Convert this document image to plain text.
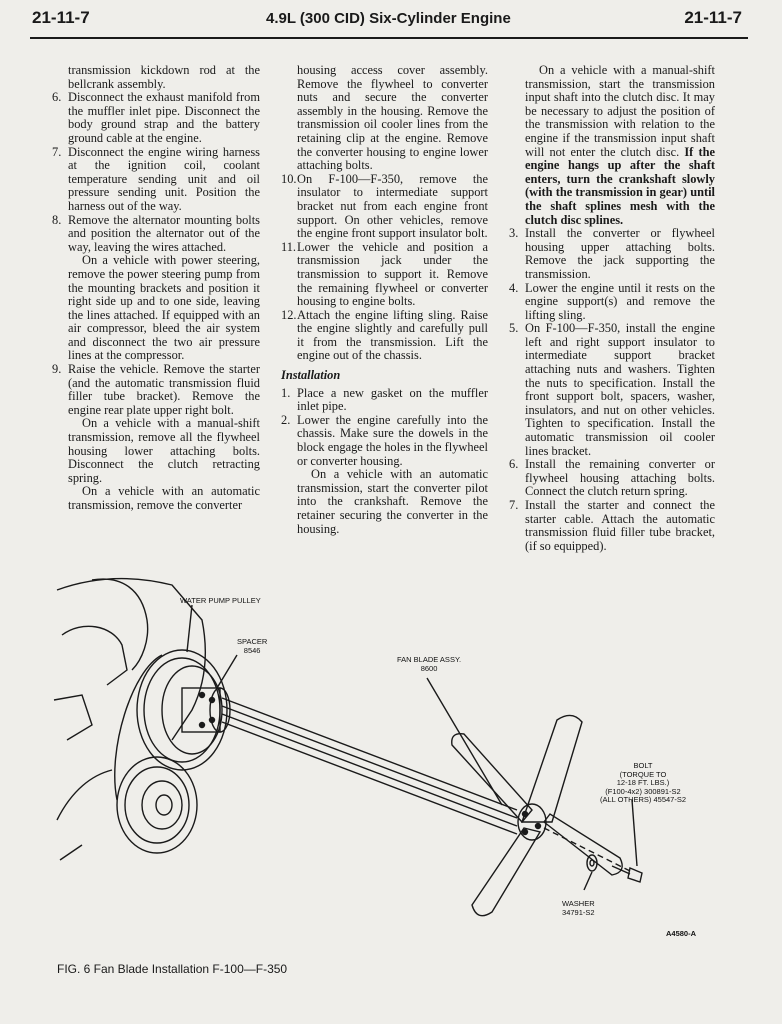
21-11-7	4.9L (300 CID) Six-Cylinder Engine	21-11-7

transmission kickdown rod at the bellcrank assembly.

6. Disconnect the exhaust manifold from the muffler inlet pipe. Disconnect the body ground strap and the battery ground cable at the engine.

7. Disconnect the engine wiring harness at the ignition coil, coolant temperature sending unit and oil pressure sending unit. Position the harness out of the way.

8. Remove the alternator mounting bolts and position the alternator out of the way, leaving the wires attached.

On a vehicle with power steering, remove the power steering pump from the mounting brackets and position it right side up and to one side, leaving the lines attached. If equipped with an air compressor, bleed the air system and disconnect the two air pressure lines at the compressor.

9. Raise the vehicle. Remove the starter (and the automatic transmission fluid filler tube bracket). Remove the engine rear plate upper right bolt.

On a vehicle with a manual-shift transmission, remove all the flywheel housing lower attaching bolts. Disconnect the clutch retracting spring.

On a vehicle with an automatic transmission, remove the converter

housing access cover assembly. Remove the flywheel to converter nuts and secure the converter assembly in the housing. Remove the transmission oil cooler lines from the retaining clip at the engine. Remove the converter housing to engine lower attaching bolts.

10. On F-100—F-350, remove the insulator to intermediate support bracket nut from each engine front support. On other vehicles, remove the engine front support insulator bolt.

11. Lower the vehicle and position a transmission jack under the transmission to support it. Remove the remaining flywheel or converter housing to engine bolts.

12. Attach the engine lifting sling. Raise the engine slightly and carefully pull it from the transmission. Lift the engine out of the chassis.

Installation

1. Place a new gasket on the muffler inlet pipe.

2. Lower the engine carefully into the chassis. Make sure the dowels in the block engage the holes in the flywheel or converter housing.

On a vehicle with an automatic transmission, start the converter pilot into the crankshaft. Remove the retainer securing the converter in the housing.

On a vehicle with a manual-shift transmission, start the transmission input shaft into the clutch disc. It may be necessary to adjust the position of the transmission with relation to the engine if the transmission input shaft will not enter the clutch disc. If the engine hangs up after the shaft enters, turn the crankshaft slowly (with the transmission in gear) until the shaft splines mesh with the clutch disc splines.

3. Install the converter or flywheel housing upper attaching bolts. Remove the jack supporting the transmission.

4. Lower the engine until it rests on the engine support(s) and remove the lifting sling.

5. On F-100—F-350, install the engine left and right support insulator to intermediate support bracket attaching nuts and washers. Tighten the nuts to specification. Install the front support bolt, spacers, washer, insulators, and nut on other vehicles. Tighten to specification. Install the automatic transmission oil cooler lines bracket.

6. Install the remaining converter or flywheel housing attaching bolts. Connect the clutch return spring.

7. Install the starter and connect the starter cable. Attach the automatic transmission fluid filler tube bracket, (if so equipped).

WATER PUMP PULLEY
SPACER
8546
FAN BLADE ASSY.
8600
BOLT
(TORQUE TO
12-18 FT. LBS.)
(F100-4x2) 300891-S2
(ALL OTHERS) 45547-S2
WASHER
34791-S2
A4580-A
FIG. 6 Fan Blade Installation F-100—F-350
